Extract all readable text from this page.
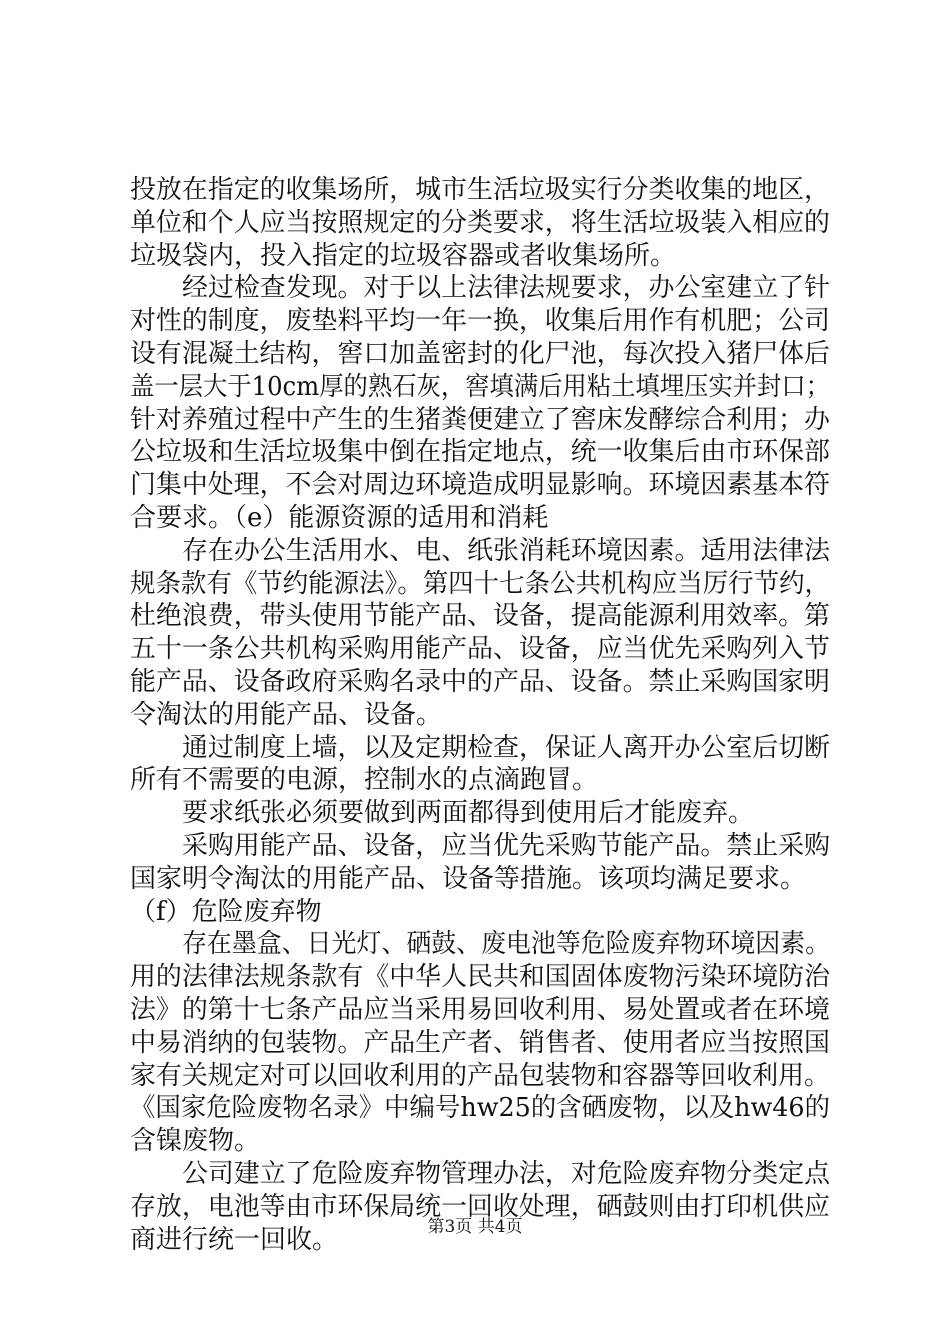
投放在指定的收集场所，城市生活垃圾实行分类收集的地区，
单位和个人应当按照规定的分类要求，将生活垃圾装入相应的
垃圾袋内，投入指定的垃圾容器或者收集场所。
经过检查发现。对于以上法律法规要求，办公室建立了针
对性的制度，废垫料平均一年一换，收集后用作有机肥；公司
设有混凝土结构，窖口加盖密封的化尸池，每次投入猪尸体后
盖一层大于10cm厚的熟石灰，窖填满后用粘土填埋压实并封口；
针对养殖过程中产生的生猪粪便建立了窖床发酵综合利用；办
公垃圾和生活垃圾集中倒在指定地点，统一收集后由市环保部
门集中处理，不会对周边环境造成明显影响。环境因素基本符
合要求。（e）能源资源的适用和消耗
存在办公生活用水、电、纸张消耗环境因素。适用法律法
规条款有《节约能源法》。第四十七条公共机构应当厉行节约，
杜绝浪费，带头使用节能产品、设备，提高能源利用效率。第
五十一条公共机构采购用能产品、设备，应当优先采购列入节
能产品、设备政府采购名录中的产品、设备。禁止采购国家明
令淘汰的用能产品、设备。
通过制度上墙，以及定期检查，保证人离开办公室后切断
所有不需要的电源，控制水的点滴跑冒。
要求纸张必须要做到两面都得到使用后才能废弃。
采购用能产品、设备，应当优先采购节能产品。禁止采购
国家明令淘汰的用能产品、设备等措施。该项均满足要求。
（f）危险废弃物
存在墨盒、日光灯、硒鼓、废电池等危险废弃物环境因素。
用的法律法规条款有《中华人民共和国固体废物污染环境防治
法》的第十七条产品应当采用易回收利用、易处置或者在环境
中易消纳的包装物。产品生产者、销售者、使用者应当按照国
家有关规定对可以回收利用的产品包装物和容器等回收利用。
《国家危险废物名录》中编号hw25的含硒废物，以及hw46的
含镍废物。
公司建立了危险废弃物管理办法，对危险废弃物分类定点
存放，电池等由市环保局统一回收处理，硒鼓则由打印机供应
商进行统一回收。	第3页 共4页
